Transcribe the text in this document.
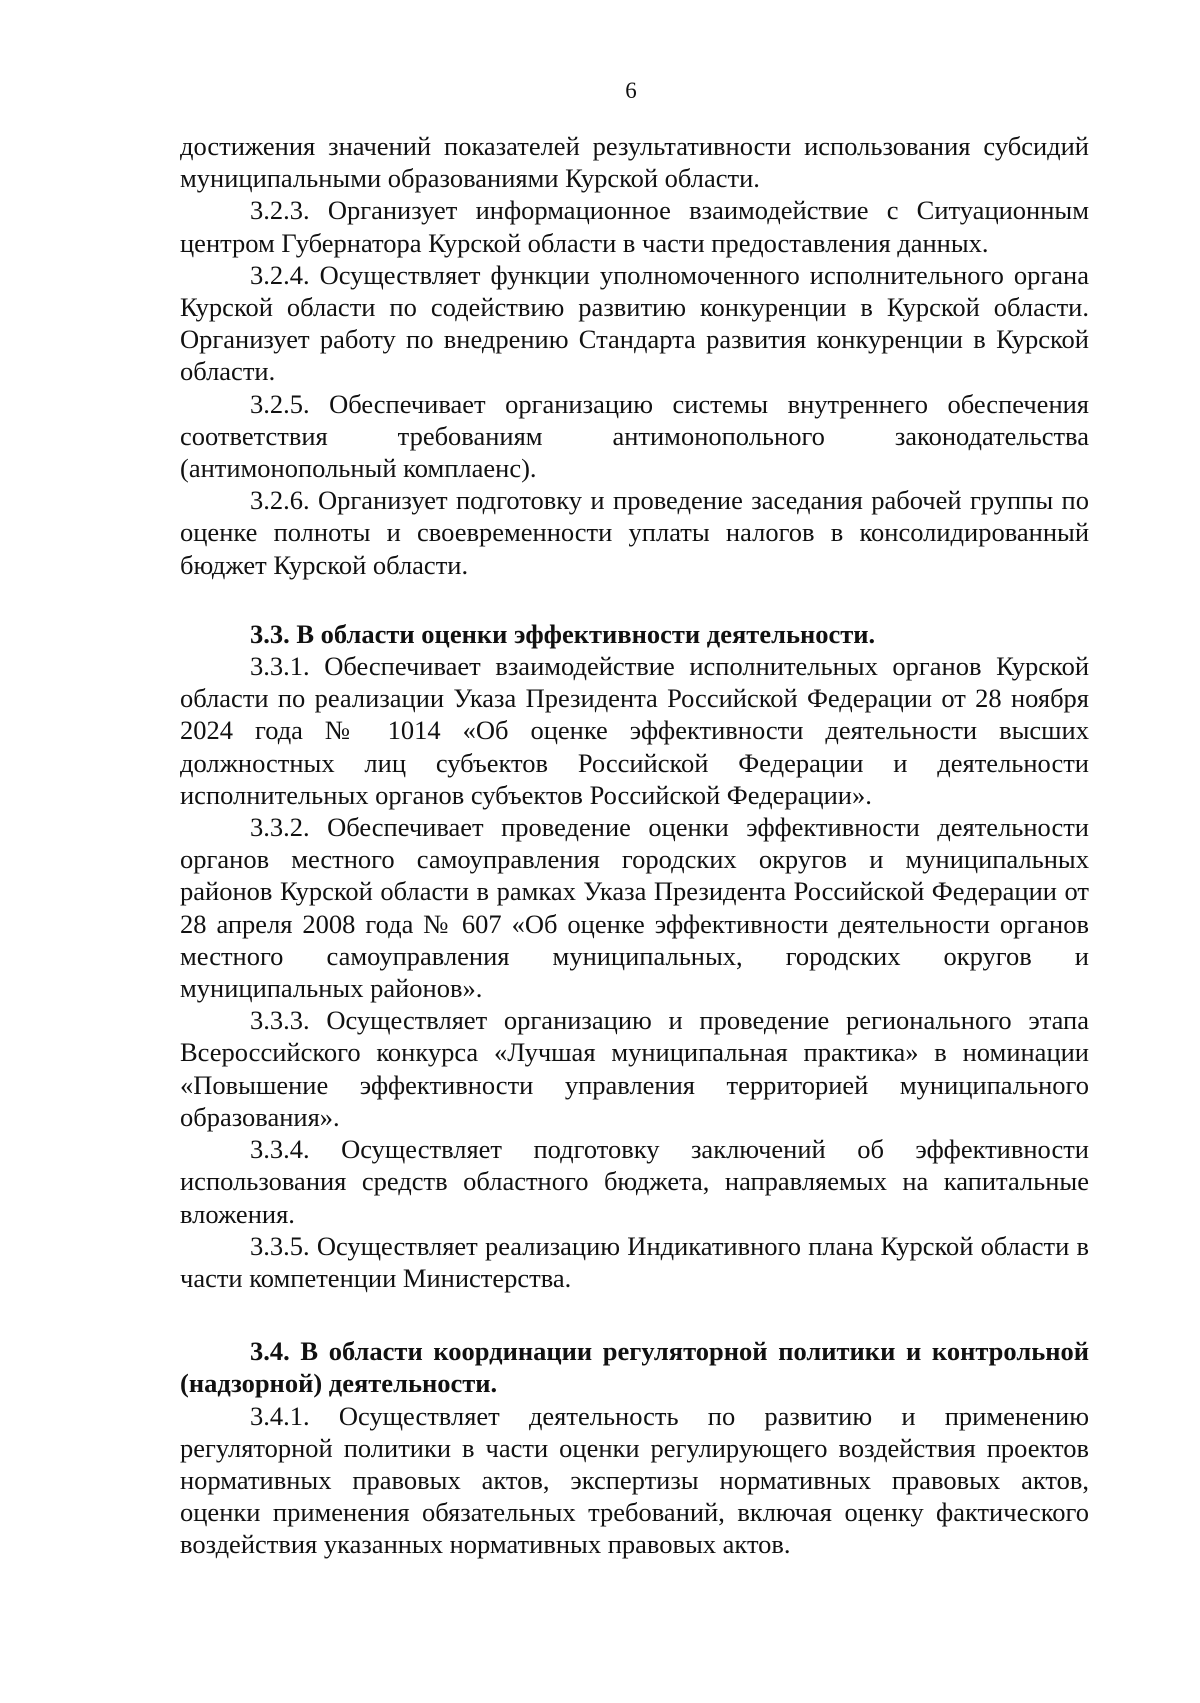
6

достижения значений показателей результативности использования субсидий муниципальными образованиями Курской области.

3.2.3. Организует информационное взаимодействие с Ситуационным центром Губернатора Курской области в части предоставления данных.

3.2.4. Осуществляет функции уполномоченного исполнительного органа Курской области по содействию развитию конкуренции в Курской области. Организует работу по внедрению Стандарта развития конкуренции в Курской области.

3.2.5. Обеспечивает организацию системы внутреннего обеспечения соответствия требованиям антимонопольного законодательства (антимонопольный комплаенс).

3.2.6. Организует подготовку и проведение заседания рабочей группы по оценке полноты и своевременности уплаты налогов в консолидированный бюджет Курской области.

3.3. В области оценки эффективности деятельности.

3.3.1. Обеспечивает взаимодействие исполнительных органов Курской области по реализации Указа Президента Российской Федерации от 28 ноября 2024 года № 1014 «Об оценке эффективности деятельности высших должностных лиц субъектов Российской Федерации и деятельности исполнительных органов субъектов Российской Федерации».

3.3.2. Обеспечивает проведение оценки эффективности деятельности органов местного самоуправления городских округов и муниципальных районов Курской области в рамках Указа Президента Российской Федерации от 28 апреля 2008 года № 607 «Об оценке эффективности деятельности органов местного самоуправления муниципальных, городских округов и муниципальных районов».

3.3.3. Осуществляет организацию и проведение регионального этапа Всероссийского конкурса «Лучшая муниципальная практика» в номинации «Повышение эффективности управления территорией муниципального образования».

3.3.4. Осуществляет подготовку заключений об эффективности использования средств областного бюджета, направляемых на капитальные вложения.

3.3.5. Осуществляет реализацию Индикативного плана Курской области в части компетенции Министерства.

3.4. В области координации регуляторной политики и контрольной (надзорной) деятельности.

3.4.1. Осуществляет деятельность по развитию и применению регуляторной политики в части оценки регулирующего воздействия проектов нормативных правовых актов, экспертизы нормативных правовых актов, оценки применения обязательных требований, включая оценку фактического воздействия указанных нормативных правовых актов.
